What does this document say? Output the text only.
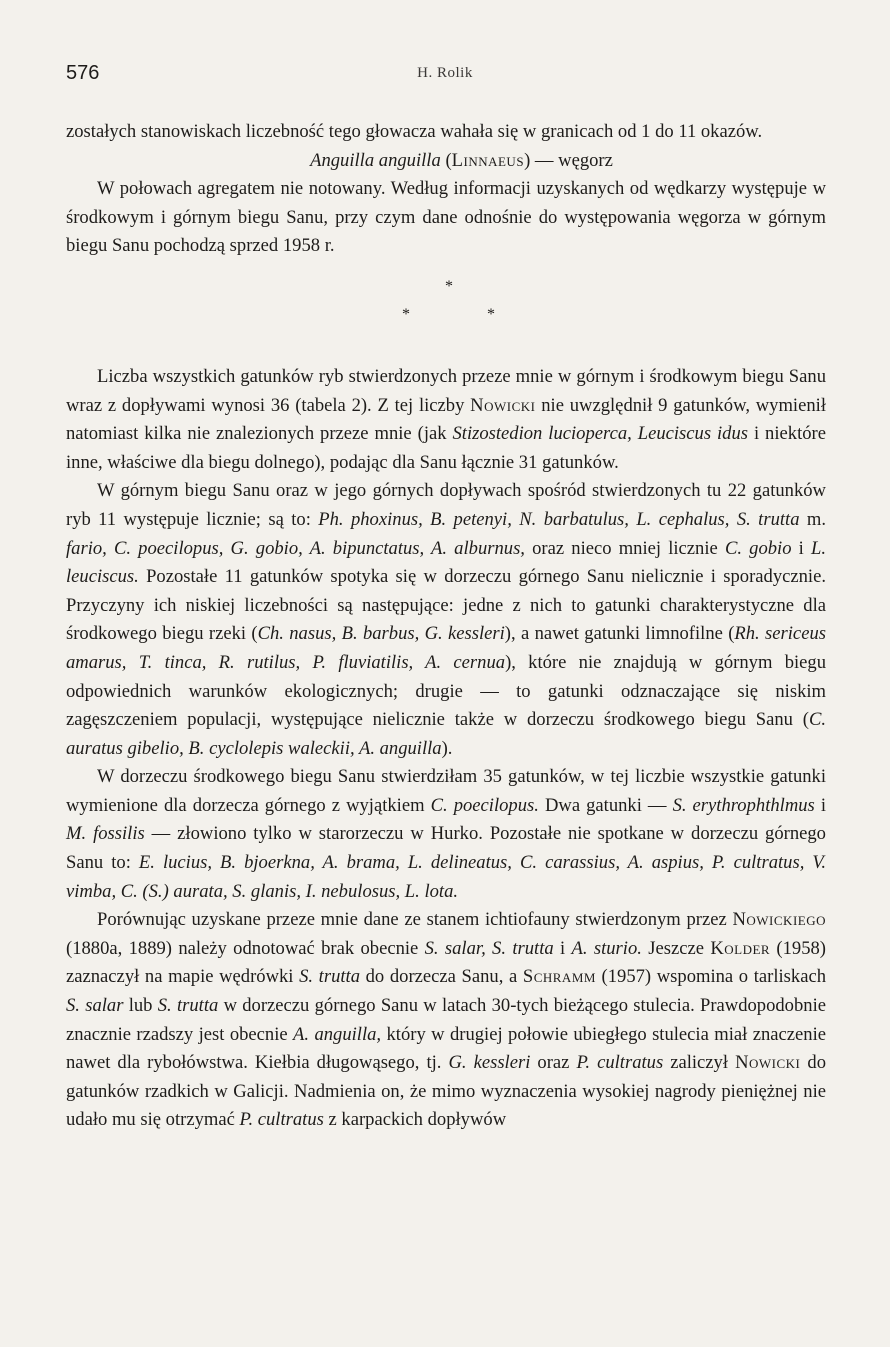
576	H. Rolik

zostałych stanowiskach liczebność tego głowacza wahała się w granicach od 1 do 11 okazów.

Anguilla anguilla (Linnaeus) — węgorz

W połowach agregatem nie notowany. Według informacji uzyskanych od wędkarzy występuje w środkowym i górnym biegu Sanu, przy czym dane odnośnie do występowania węgorza w górnym biegu Sanu pochodzą sprzed 1958 r.

*
*	*

Liczba wszystkich gatunków ryb stwierdzonych przeze mnie w górnym i środkowym biegu Sanu wraz z dopływami wynosi 36 (tabela 2). Z tej liczby Nowicki nie uwzględnił 9 gatunków, wymienił natomiast kilka nie znalezionych przeze mnie (jak Stizostedion lucioperca, Leuciscus idus i niektóre inne, właściwe dla biegu dolnego), podając dla Sanu łącznie 31 gatunków.

W górnym biegu Sanu oraz w jego górnych dopływach spośród stwierdzonych tu 22 gatunków ryb 11 występuje licznie; są to: Ph. phoxinus, B. petenyi, N. barbatulus, L. cephalus, S. trutta m. fario, C. poecilopus, G. gobio, A. bipunctatus, A. alburnus, oraz nieco mniej licznie C. gobio i L. leuciscus. Pozostałe 11 gatunków spotyka się w dorzeczu górnego Sanu nielicznie i sporadycznie. Przyczyny ich niskiej liczebności są następujące: jedne z nich to gatunki charakterystyczne dla środkowego biegu rzeki (Ch. nasus, B. barbus, G. kessleri), a nawet gatunki limnofilne (Rh. sericeus amarus, T. tinca, R. rutilus, P. fluviatilis, A. cernua), które nie znajdują w górnym biegu odpowiednich warunków ekologicznych; drugie — to gatunki odznaczające się niskim zagęszczeniem populacji, występujące nielicznie także w dorzeczu środkowego biegu Sanu (C. auratus gibelio, B. cyclolepis waleckii, A. anguilla).

W dorzeczu środkowego biegu Sanu stwierdziłam 35 gatunków, w tej liczbie wszystkie gatunki wymienione dla dorzecza górnego z wyjątkiem C. poecilopus. Dwa gatunki — S. erythrophthlmus i M. fossilis — złowiono tylko w starorzeczu w Hurko. Pozostałe nie spotkane w dorzeczu górnego Sanu to: E. lucius, B. bjoerkna, A. brama, L. delineatus, C. carassius, A. aspius, P. cultratus, V. vimba, C. (S.) aurata, S. glanis, I. nebulosus, L. lota.

Porównując uzyskane przeze mnie dane ze stanem ichtiofauny stwierdzonym przez Nowickiego (1880a, 1889) należy odnotować brak obecnie S. salar, S. trutta i A. sturio. Jeszcze Kolder (1958) zaznaczył na mapie wędrówki S. trutta do dorzecza Sanu, a Schramm (1957) wspomina o tarliskach S. salar lub S. trutta w dorzeczu górnego Sanu w latach 30-tych bieżącego stulecia. Prawdopodobnie znacznie rzadszy jest obecnie A. anguilla, który w drugiej połowie ubiegłego stulecia miał znaczenie nawet dla rybołówstwa. Kiełbia długowąsego, tj. G. kessleri oraz P. cultratus zaliczył Nowicki do gatunków rzadkich w Galicji. Nadmienia on, że mimo wyznaczenia wysokiej nagrody pieniężnej nie udało mu się otrzymać P. cultratus z karpackich dopływów
